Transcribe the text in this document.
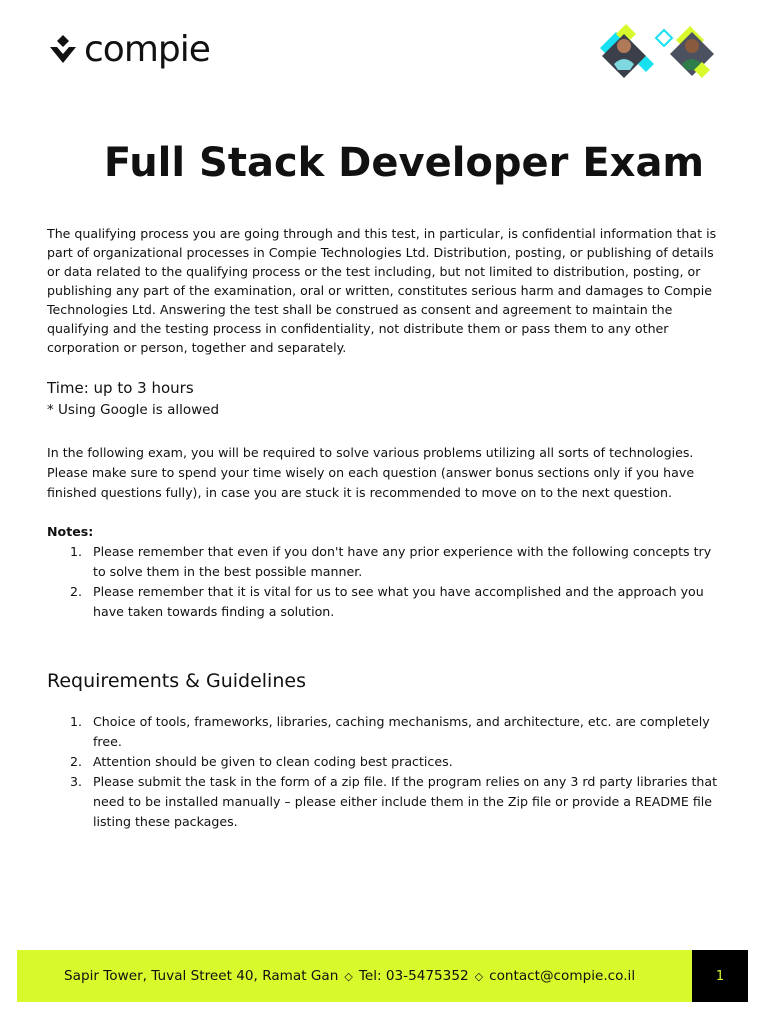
compie
Full Stack Developer Exam

The qualifying process you are going through and this test, in particular, is confidential information that is part of organizational processes in Compie Technologies Ltd. Distribution, posting, or publishing of details or data related to the qualifying process or the test including, but not limited to distribution, posting, or publishing any part of the examination, oral or written, constitutes serious harm and damages to Compie Technologies Ltd. Answering the test shall be construed as consent and agreement to maintain the qualifying and the testing process in confidentiality, not distribute them or pass them to any other corporation or person, together and separately.

Time: up to 3 hours
* Using Google is allowed

In the following exam, you will be required to solve various problems utilizing all sorts of technologies. Please make sure to spend your time wisely on each question (answer bonus sections only if you have finished questions fully), in case you are stuck it is recommended to move on to the next question.

Notes:
1. Please remember that even if you don't have any prior experience with the following concepts try to solve them in the best possible manner.
2. Please remember that it is vital for us to see what you have accomplished and the approach you have taken towards finding a solution.
Requirements & Guidelines
1. Choice of tools, frameworks, libraries, caching mechanisms, and architecture, etc. are completely free.
2. Attention should be given to clean coding best practices.
3. Please submit the task in the form of a zip file. If the program relies on any 3 rd party libraries that need to be installed manually – please either include them in the Zip file or provide a README file listing these packages.
Sapir Tower, Tuval Street 40, Ramat Gan ◇ Tel: 03-5475352 ◇ contact@compie.co.il	1
